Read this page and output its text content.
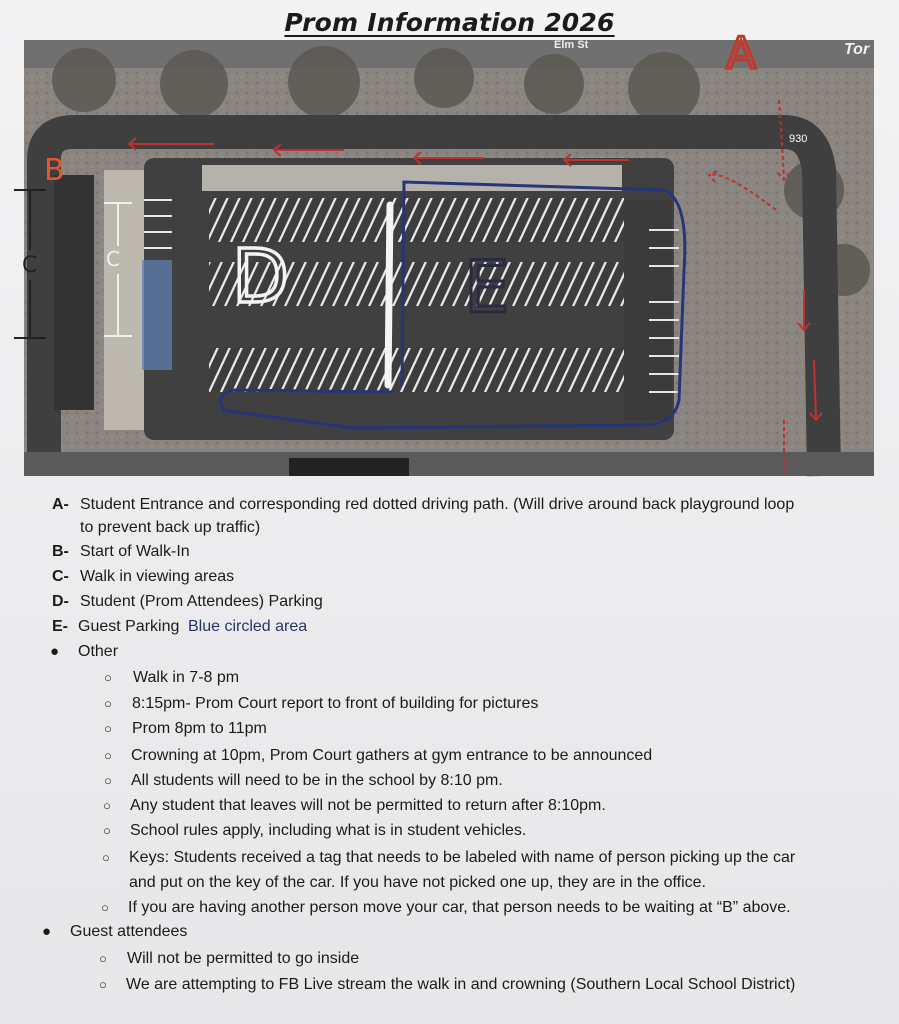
Prom Information 2026
Elm St	Tor
930
A
B
C	C D E
A- Student Entrance and corresponding red dotted driving path. (Will drive around back playground loop
to prevent back up traffic)
B- Start of Walk-In
C- Walk in viewing areas
D- Student (Prom Attendees) Parking
E- Guest Parking Blue circled area
● Other
○ Walk in 7-8 pm
○ 8:15pm- Prom Court report to front of building for pictures
○ Prom 8pm to 11pm
○ Crowning at 10pm, Prom Court gathers at gym entrance to be announced
○ All students will need to be in the school by 8:10 pm.
○ Any student that leaves will not be permitted to return after 8:10pm.
○ School rules apply, including what is in student vehicles.
○ Keys: Students received a tag that needs to be labeled with name of person picking up the car
and put on the key of the car. If you have not picked one up, they are in the office.
○ If you are having another person move your car, that person needs to be waiting at “B” above.
● Guest attendees
○ Will not be permitted to go inside
○ We are attempting to FB Live stream the walk in and crowning (Southern Local School District)
